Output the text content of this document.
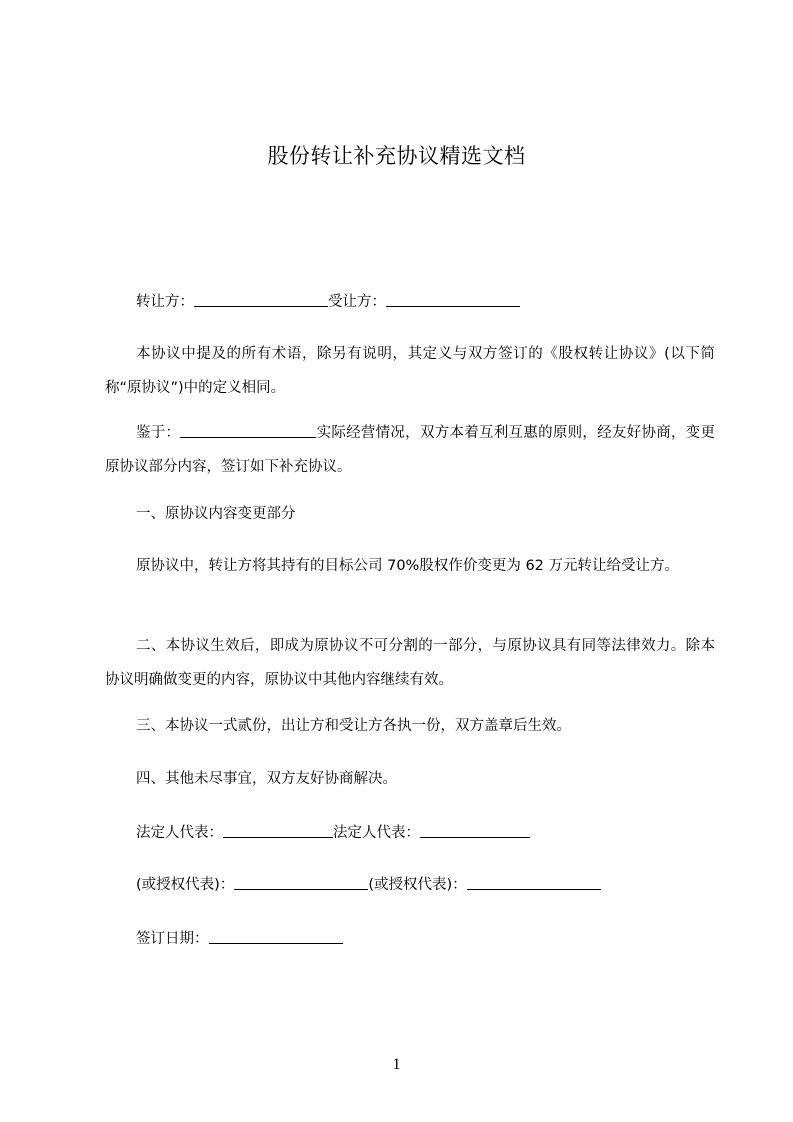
股份转让补充协议精选文档

转让方：	受让方：

本协议中提及的所有术语，除另有说明，其定义与双方签订的《股权转让协议》(以下简称“原协议”)中的定义相同。

鉴于：	实际经营情况，双方本着互利互惠的原则，经友好协商，变更原协议部分内容，签订如下补充协议。

一、原协议内容变更部分

原协议中，转让方将其持有的目标公司 70%股权作价变更为 62 万元转让给受让方。

二、本协议生效后，即成为原协议不可分割的一部分，与原协议具有同等法律效力。除本协议明确做变更的内容，原协议中其他内容继续有效。

三、本协议一式贰份，出让方和受让方各执一份，双方盖章后生效。

四、其他未尽事宜，双方友好协商解决。

法定人代表：	法定人代表：

(或授权代表)：	(或授权代表)：

签订日期：

1
